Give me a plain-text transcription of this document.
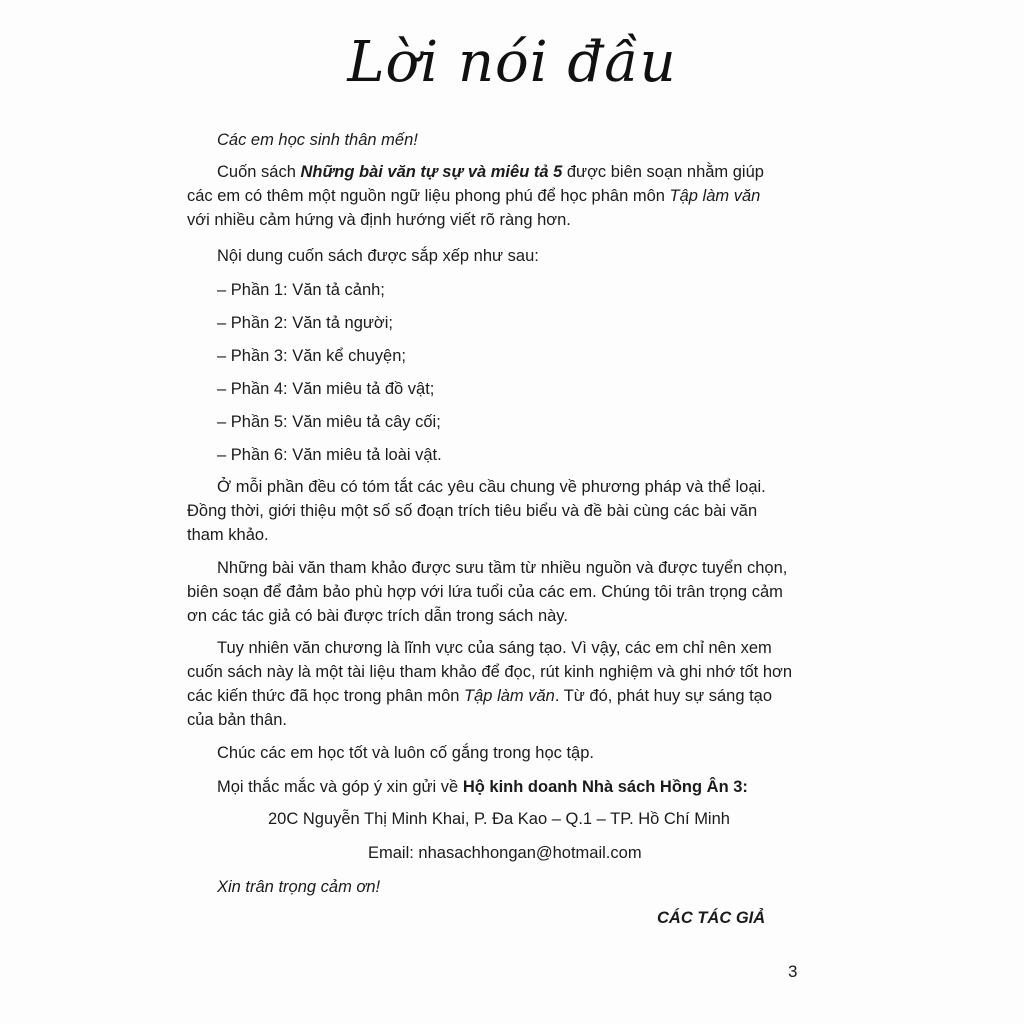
Lời nói đầu
Các em học sinh thân mến!
Cuốn sách Những bài văn tự sự và miêu tả 5 được biên soạn nhằm giúp
các em có thêm một nguồn ngữ liệu phong phú để học phân môn Tập làm văn
với nhiều cảm hứng và định hướng viết rõ ràng hơn.
Nội dung cuốn sách được sắp xếp như sau:
– Phần 1: Văn tả cảnh;
– Phần 2: Văn tả người;
– Phần 3: Văn kể chuyện;
– Phần 4: Văn miêu tả đồ vật;
– Phần 5: Văn miêu tả cây cối;
– Phần 6: Văn miêu tả loài vật.
Ở mỗi phần đều có tóm tắt các yêu cầu chung về phương pháp và thể loại.
Đồng thời, giới thiệu một số số đoạn trích tiêu biểu và đề bài cùng các bài văn
tham khảo.
Những bài văn tham khảo được sưu tầm từ nhiều nguồn và được tuyển chọn,
biên soạn để đảm bảo phù hợp với lứa tuổi của các em. Chúng tôi trân trọng cảm
ơn các tác giả có bài được trích dẫn trong sách này.
Tuy nhiên văn chương là lĩnh vực của sáng tạo. Vì vậy, các em chỉ nên xem
cuốn sách này là một tài liệu tham khảo để đọc, rút kinh nghiệm và ghi nhớ tốt hơn
các kiến thức đã học trong phân môn Tập làm văn. Từ đó, phát huy sự sáng tạo
của bản thân.
Chúc các em học tốt và luôn cố gắng trong học tập.
Mọi thắc mắc và góp ý xin gửi về Hộ kinh doanh Nhà sách Hồng Ân 3:
20C Nguyễn Thị Minh Khai, P. Đa Kao – Q.1 – TP. Hồ Chí Minh
Email: nhasachhongan@hotmail.com
Xin trân trọng cảm ơn!
CÁC TÁC GIẢ
3
